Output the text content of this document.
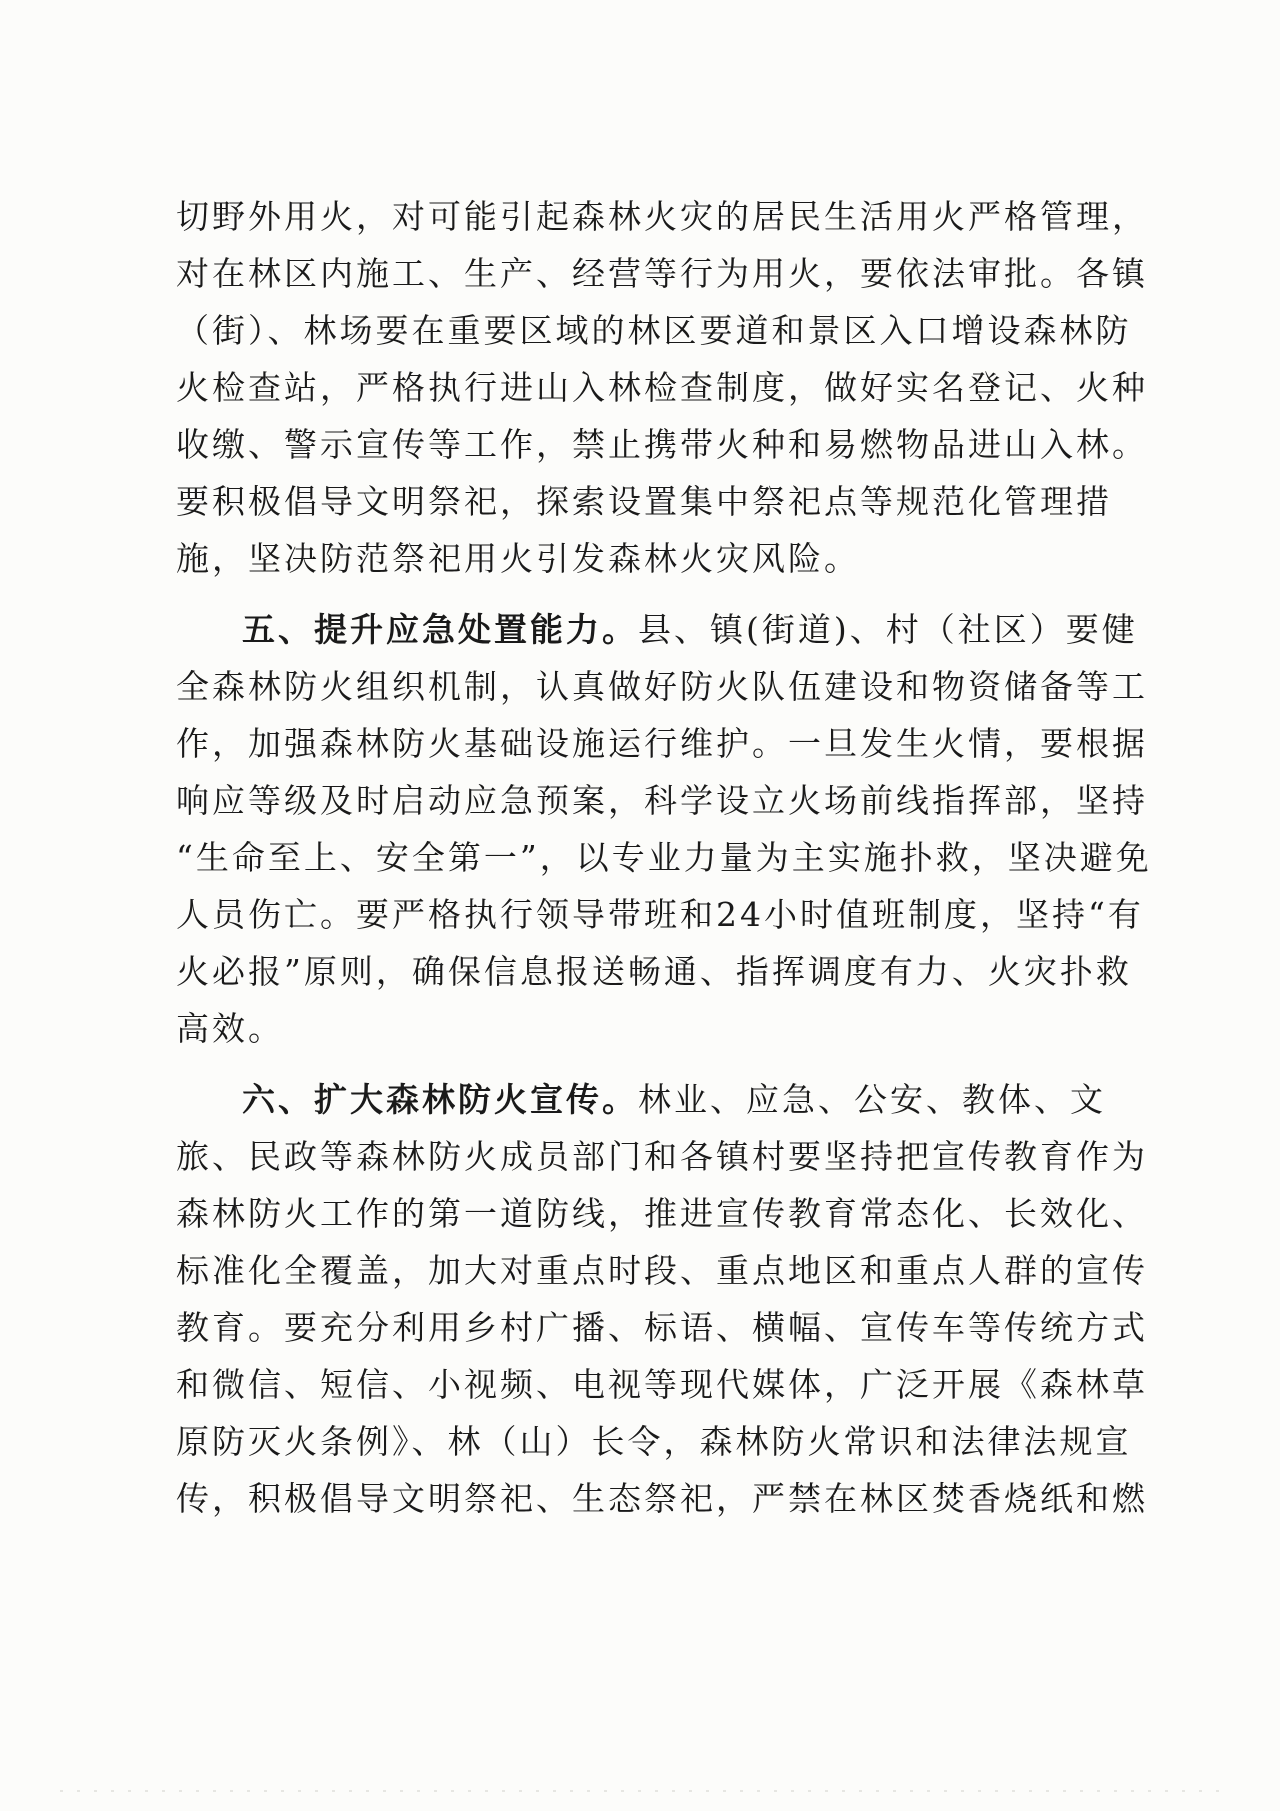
切野外用火，对可能引起森林火灾的居民生活用火严格管理，
对在林区内施工、生产、经营等行为用火，要依法审批。各镇
（街）、林场要在重要区域的林区要道和景区入口增设森林防
火检查站，严格执行进山入林检查制度，做好实名登记、火种
收缴、警示宣传等工作，禁止携带火种和易燃物品进山入林。
要积极倡导文明祭祀，探索设置集中祭祀点等规范化管理措
施，坚决防范祭祀用火引发森林火灾风险。
五、提升应急处置能力。县、镇(街道)、村（社区）要健
全森林防火组织机制，认真做好防火队伍建设和物资储备等工
作，加强森林防火基础设施运行维护。一旦发生火情，要根据
响应等级及时启动应急预案，科学设立火场前线指挥部，坚持
“生命至上、安全第一”，以专业力量为主实施扑救，坚决避免
人员伤亡。要严格执行领导带班和24小时值班制度，坚持“有
火必报”原则，确保信息报送畅通、指挥调度有力、火灾扑救
高效。
六、扩大森林防火宣传。林业、应急、公安、教体、文
旅、民政等森林防火成员部门和各镇村要坚持把宣传教育作为
森林防火工作的第一道防线，推进宣传教育常态化、长效化、
标准化全覆盖，加大对重点时段、重点地区和重点人群的宣传
教育。要充分利用乡村广播、标语、横幅、宣传车等传统方式
和微信、短信、小视频、电视等现代媒体，广泛开展《森林草
原防灭火条例》、林（山）长令，森林防火常识和法律法规宣
传，积极倡导文明祭祀、生态祭祀，严禁在林区焚香烧纸和燃
